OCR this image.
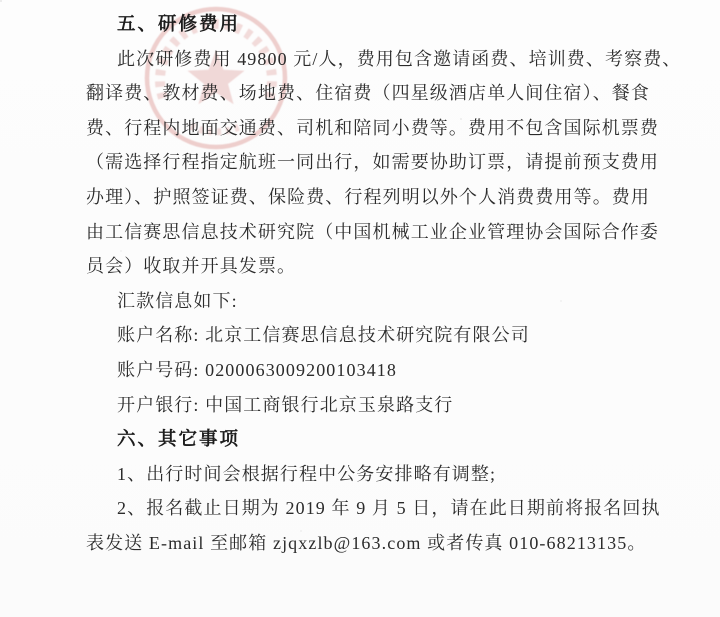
五、研修费用
此次研修费用 49800 元/人，费用包含邀请函费、培训费、考察费、
翻译费、教材费、场地费、住宿费（四星级酒店单人间住宿）、餐食
费、行程内地面交通费、司机和陪同小费等。费用不包含国际机票费
（需选择行程指定航班一同出行，如需要协助订票，请提前预支费用
办理）、护照签证费、保险费、行程列明以外个人消费费用等。费用
由工信赛思信息技术研究院（中国机械工业企业管理协会国际合作委
员会）收取并开具发票。
汇款信息如下:
账户名称: 北京工信赛思信息技术研究院有限公司
账户号码: 0200063009200103418
开户银行: 中国工商银行北京玉泉路支行
六、其它事项
1、出行时间会根据行程中公务安排略有调整;
2、报名截止日期为 2019 年 9 月 5 日，请在此日期前将报名回执
表发送 E-mail 至邮箱 zjqxzlb@163.com 或者传真 010-68213135。
